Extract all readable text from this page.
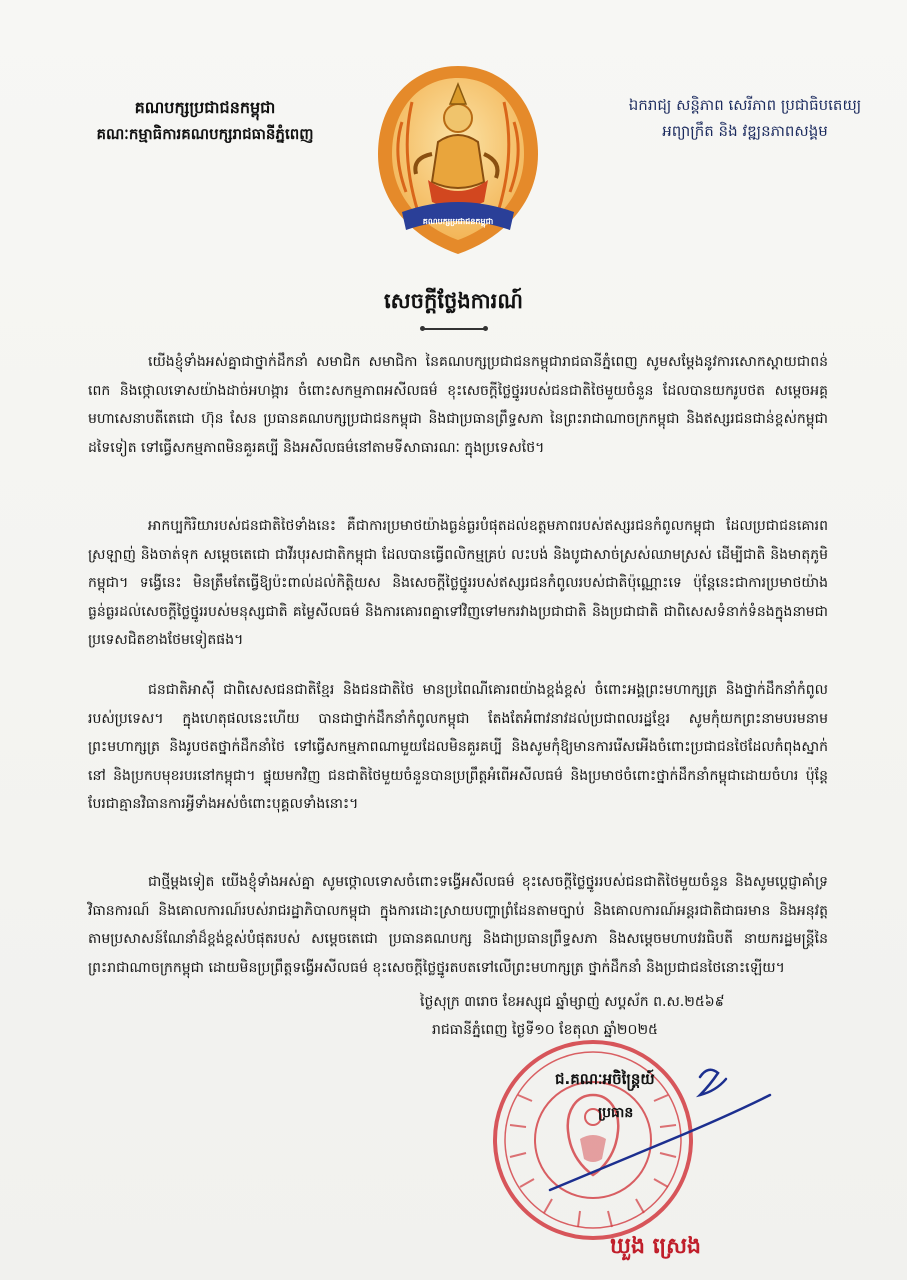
គណបក្សប្រជាជនកម្ពុជា
គណៈកម្មាធិការគណបក្សរាជធានីភ្នំពេញ
គណបក្សប្រជាជនកម្ពុជា
ឯករាជ្យ សន្តិភាព សេរីភាព ប្រជាធិបតេយ្យ
អព្យាក្រឹត និង វឌ្ឍនភាពសង្គម
សេចក្តីថ្លែងការណ៍
យើងខ្ញុំទាំងអស់គ្នាជាថ្នាក់ដឹកនាំ សមាជិក សមាជិកា នៃគណបក្សប្រជាជនកម្ពុជារាជធានីភ្នំពេញ សូមសម្តែងនូវការសោកស្តាយជាពន់ពេក និងថ្កោលទោសយ៉ាងដាច់អហង្ការ ចំពោះសកម្មភាពអសីលធម៌ ខុះសេចក្តីថ្លៃថ្នូររបស់ជនជាតិថៃមួយចំនួន ដែលបានយករូបថត សម្តេចអគ្គមហាសេនាបតីតេជោ ហ៊ុន សែន ប្រធានគណបក្សប្រជាជនកម្ពុជា និងជាប្រធានព្រឹទ្ធសភា នៃព្រះរាជាណាចក្រកម្ពុជា និងឥស្សរជនជាន់ខ្ពស់កម្ពុជាដទៃទៀត ទៅធ្វើសកម្មភាពមិនគួរគប្បី និងអសីលធម៌នៅតាមទីសាធារណៈ ក្នុងប្រទេសថៃ។
អាកប្បកិរិយារបស់ជនជាតិថៃទាំងនេះ គឺជាការប្រមាថយ៉ាងធ្ងន់ធ្ងរបំផុតដល់ឧត្តមភាពរបស់ឥស្សរជនកំពូលកម្ពុជា ដែលប្រជាជនគោរពស្រឡាញ់ និងចាត់ទុក សម្តេចតេជោ ជាវីរបុរសជាតិកម្ពុជា ដែលបានធ្វើពលិកម្មគ្រប់ លះបង់ និងបូជាសាច់ស្រស់ឈាមស្រស់ ដើម្បីជាតិ និងមាតុភូមិកម្ពុជា។ ទង្វើនេះ មិនត្រឹមតែធ្វើឱ្យប៉ះពាល់ដល់កិត្តិយស និងសេចក្តីថ្លៃថ្នូររបស់ឥស្សរជនកំពូលរបស់ជាតិប៉ុណ្ណោះទេ ប៉ុន្តែនេះជាការប្រមាថយ៉ាងធ្ងន់ធ្ងរដល់សេចក្តីថ្លៃថ្នូររបស់មនុស្សជាតិ គម្លៃសីលធម៌ និងការគោរពគ្នាទៅវិញទៅមករវាងប្រជាជាតិ និងប្រជាជាតិ ជាពិសេសទំនាក់ទំនងក្នុងនាមជាប្រទេសជិតខាងថែមទៀតផង។
ជនជាតិអាស៊ី ជាពិសេសជនជាតិខ្មែរ និងជនជាតិថៃ មានប្រពៃណីគោរពយ៉ាងខ្ពង់ខ្ពស់ ចំពោះអង្គព្រះមហាក្សត្រ និងថ្នាក់ដឹកនាំកំពូលរបស់ប្រទេស។ ក្នុងហេតុផលនេះហើយ បានជាថ្នាក់ដឹកនាំកំពូលកម្ពុជា តែងតែអំពាវនាវដល់ប្រជាពលរដ្ឋខ្មែរ សូមកុំយកព្រះនាមបរមនាមព្រះមហាក្សត្រ និងរូបថតថ្នាក់ដឹកនាំថៃ ទៅធ្វើសកម្មភាពណាមួយដែលមិនគួរគប្បី និងសូមកុំឱ្យមានការរើសអើងចំពោះប្រជាជនថៃដែលកំពុងស្នាក់នៅ និងប្រកបមុខរបរនៅកម្ពុជា។ ផ្ទុយមកវិញ ជនជាតិថៃមួយចំនួនបានប្រព្រឹត្តអំពើអសីលធម៌ និងប្រមាថចំពោះថ្នាក់ដឹកនាំកម្ពុជាដោយចំហរ ប៉ុន្តែបែរជាគ្មានវិធានការអ្វីទាំងអស់ចំពោះបុគ្គលទាំងនោះ។
ជាថ្មីម្តងទៀត យើងខ្ញុំទាំងអស់គ្នា សូមថ្កោលទោសចំពោះទង្វើអសីលធម៌ ខុះសេចក្តីថ្លៃថ្នូររបស់ជនជាតិថៃមួយចំនួន និងសូមប្តេជ្ញាគាំទ្រវិធានការណ៍ និងគោលការណ៍របស់រាជរដ្ឋាភិបាលកម្ពុជា ក្នុងការដោះស្រាយបញ្ហាព្រំដែនតាមច្បាប់ និងគោលការណ៍អន្តរជាតិជាធរមាន និងអនុវត្តតាមប្រសាសន៍ណែនាំដ៏ខ្ពង់ខ្ពស់បំផុតរបស់ សម្តេចតេជោ ប្រធានគណបក្ស និងជាប្រធានព្រឹទ្ធសភា និងសម្តេចមហាបវរធិបតី នាយករដ្ឋមន្ត្រីនៃព្រះរាជាណាចក្រកម្ពុជា ដោយមិនប្រព្រឹត្តទង្វើអសីលធម៌ ខុះសេចក្តីថ្លៃថ្នូរតបតទៅលើព្រះមហាក្សត្រ ថ្នាក់ដឹកនាំ និងប្រជាជនថៃនោះឡើយ។
ថ្ងៃសុក្រ ៣រោច ខែអស្សុជ ឆ្នាំម្សាញ់ សប្តស័ក ព.ស.២៥៦៩
រាជធានីភ្នំពេញ ថ្ងៃទី១០ ខែតុលា ឆ្នាំ២០២៥
ជ.គណៈអចិន្ត្រៃយ៍
ប្រធាន
ឃួង ស្រេង
